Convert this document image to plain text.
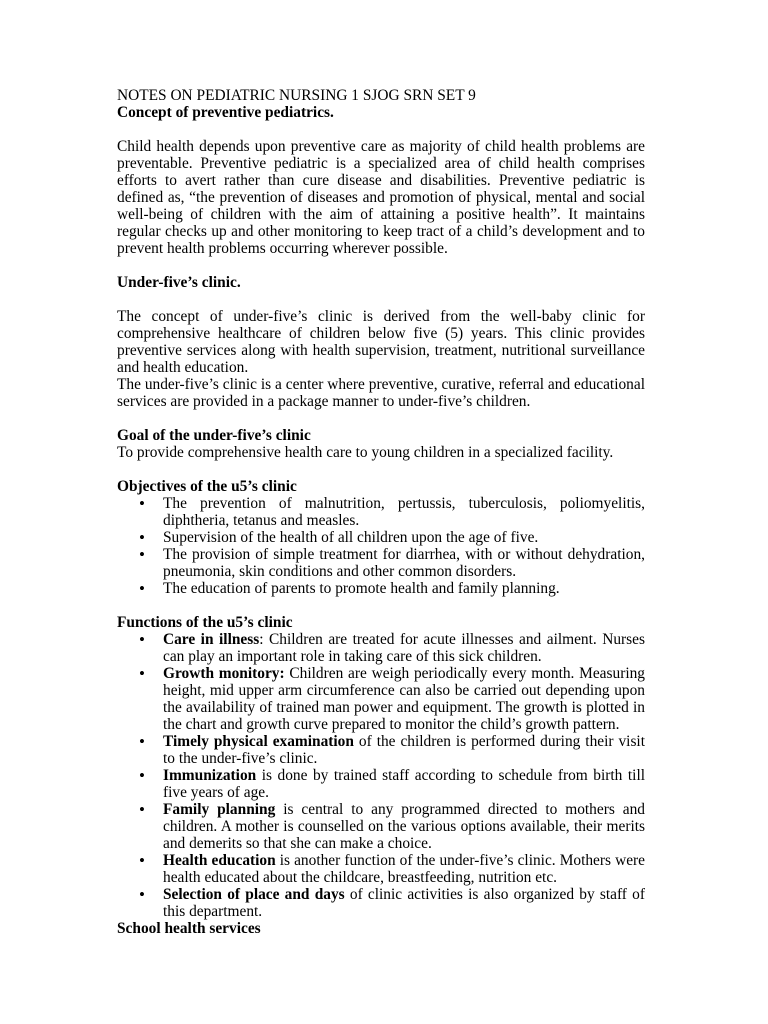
NOTES ON PEDIATRIC NURSING 1 SJOG SRN SET 9

Concept of preventive pediatrics.

Child health depends upon preventive care as majority of child health problems are preventable. Preventive pediatric is a specialized area of child health comprises efforts to avert rather than cure disease and disabilities. Preventive pediatric is defined as, “the prevention of diseases and promotion of physical, mental and social well-being of children with the aim of attaining a positive health”. It maintains regular checks up and other monitoring to keep tract of a child’s development and to prevent health problems occurring wherever possible.

Under-five’s clinic.

The concept of under-five’s clinic is derived from the well-baby clinic for comprehensive healthcare of children below five (5) years. This clinic provides preventive services along with health supervision, treatment, nutritional surveillance and health education.

The under-five’s clinic is a center where preventive, curative, referral and educational services are provided in a package manner to under-five’s children.

Goal of the under-five’s clinic

To provide comprehensive health care to young children in a specialized facility.

Objectives of the u5’s clinic

• The prevention of malnutrition, pertussis, tuberculosis, poliomyelitis, diphtheria, tetanus and measles.
• Supervision of the health of all children upon the age of five.
• The provision of simple treatment for diarrhea, with or without dehydration, pneumonia, skin conditions and other common disorders.
• The education of parents to promote health and family planning.

Functions of the u5’s clinic

• Care in illness: Children are treated for acute illnesses and ailment. Nurses can play an important role in taking care of this sick children.
• Growth monitory: Children are weigh periodically every month. Measuring height, mid upper arm circumference can also be carried out depending upon the availability of trained man power and equipment. The growth is plotted in the chart and growth curve prepared to monitor the child’s growth pattern.
• Timely physical examination of the children is performed during their visit to the under-five’s clinic.
• Immunization is done by trained staff according to schedule from birth till five years of age.
• Family planning is central to any programmed directed to mothers and children. A mother is counselled on the various options available, their merits and demerits so that she can make a choice.
• Health education is another function of the under-five’s clinic. Mothers were health educated about the childcare, breastfeeding, nutrition etc.
• Selection of place and days of clinic activities is also organized by staff of this department.

School health services
